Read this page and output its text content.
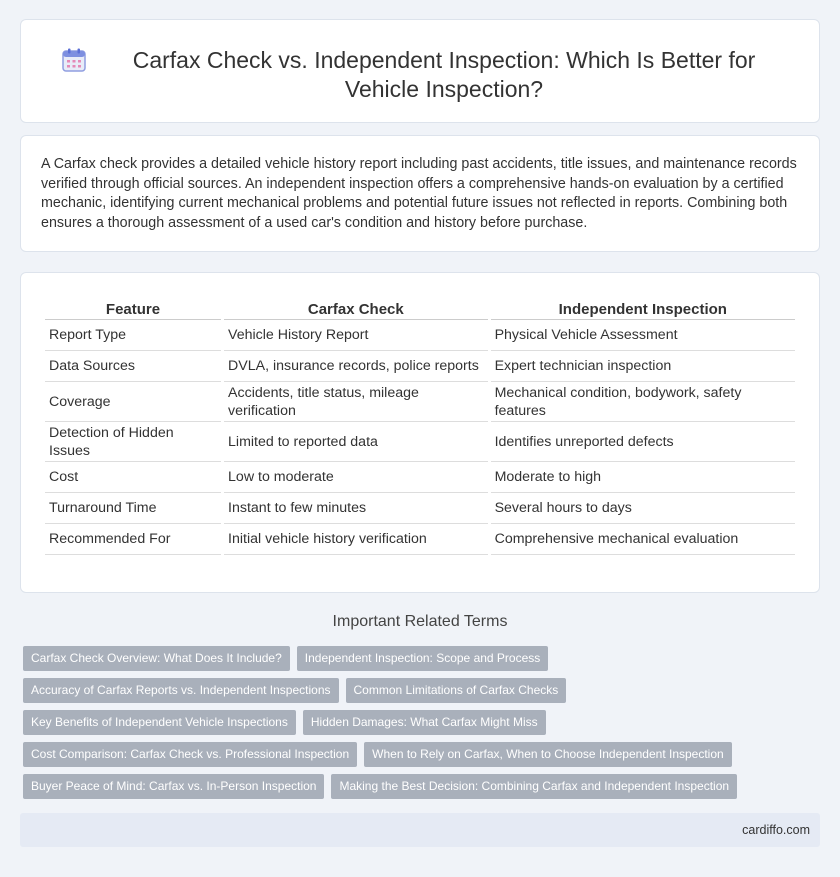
Carfax Check vs. Independent Inspection: Which Is Better for Vehicle Inspection?

A Carfax check provides a detailed vehicle history report including past accidents, title issues, and maintenance records verified through official sources. An independent inspection offers a comprehensive hands-on evaluation by a certified mechanic, identifying current mechanical problems and potential future issues not reflected in reports. Combining both ensures a thorough assessment of a used car's condition and history before purchase.

Feature	Carfax Check	Independent Inspection
Report Type	Vehicle History Report	Physical Vehicle Assessment
Data Sources	DVLA, insurance records, police reports	Expert technician inspection
Coverage	Accidents, title status, mileage verification	Mechanical condition, bodywork, safety features
Detection of Hidden Issues	Limited to reported data	Identifies unreported defects
Cost	Low to moderate	Moderate to high
Turnaround Time	Instant to few minutes	Several hours to days
Recommended For	Initial vehicle history verification	Comprehensive mechanical evaluation
Important Related Terms
Carfax Check Overview: What Does It Include?	Independent Inspection: Scope and Process
Accuracy of Carfax Reports vs. Independent Inspections	Common Limitations of Carfax Checks
Key Benefits of Independent Vehicle Inspections	Hidden Damages: What Carfax Might Miss
Cost Comparison: Carfax Check vs. Professional Inspection	When to Rely on Carfax, When to Choose Independent Inspection
Buyer Peace of Mind: Carfax vs. In-Person Inspection	Making the Best Decision: Combining Carfax and Independent Inspection
cardiffo.com
